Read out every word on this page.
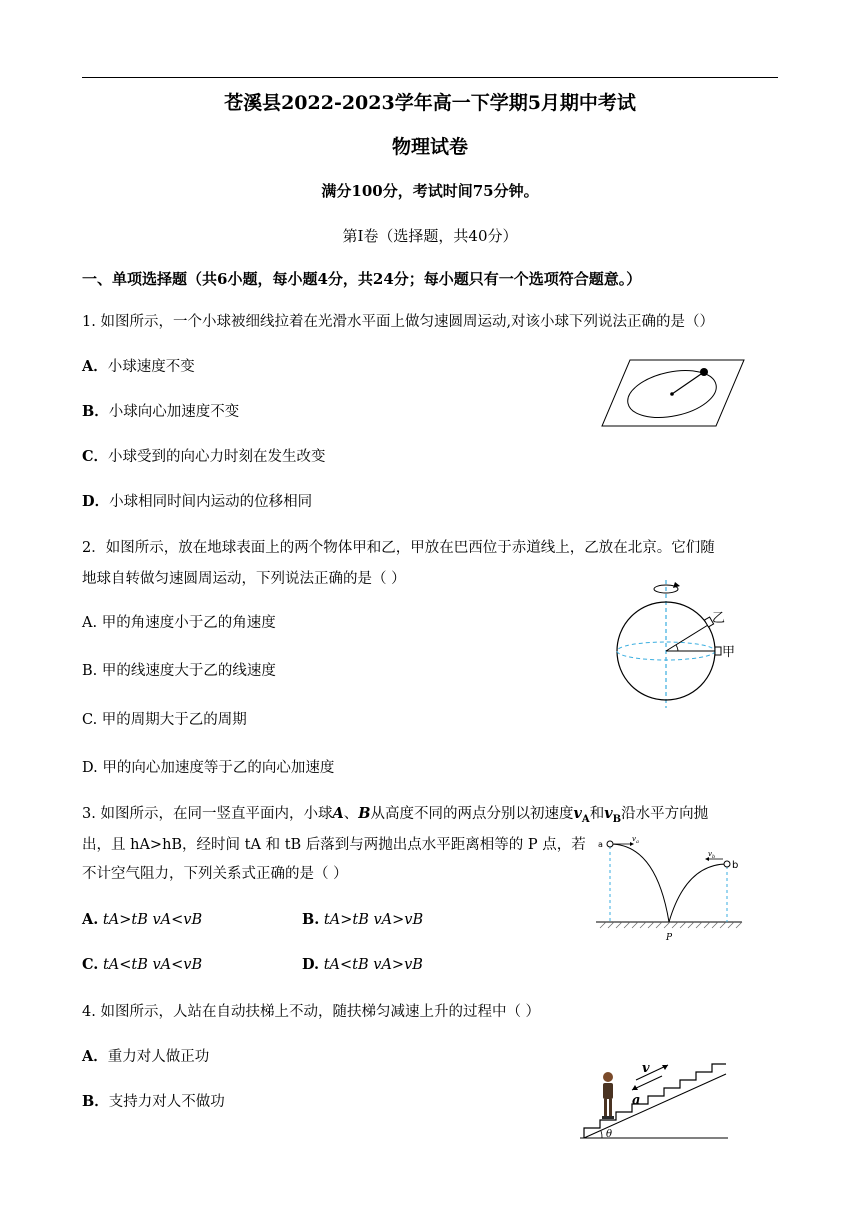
苍溪县2022-2023学年高一下学期5月期中考试
物理试卷
满分100分，考试时间75分钟。
第Ⅰ卷（选择题，共40分）
一、单项选择题（共6小题，每小题4分，共24分；每小题只有一个选项符合题意。）
1. 如图所示，一个小球被细线拉着在光滑水平面上做匀速圆周运动,对该小球下列说法正确的是（）
A．小球速度不变
B．小球向心加速度不变
C．小球受到的向心力时刻在发生改变
D．小球相同时间内运动的位移相同
2．如图所示，放在地球表面上的两个物体甲和乙，甲放在巴西位于赤道线上，乙放在北京。它们随
地球自转做匀速圆周运动，下列说法正确的是（ ）
A. 甲的角速度小于乙的角速度
B. 甲的线速度大于乙的线速度
C. 甲的周期大于乙的周期
D. 甲的向心加速度等于乙的向心加速度
乙
甲
3. 如图所示，在同一竖直平面内，小球A、B从高度不同的两点分别以初速度$v_A$和$v_B$沿水平方向抛
出，且 hA>hB，经时间 tA 和 tB 后落到与两抛出点水平距离相等的 P 点，若
不计空气阻力，下列关系式正确的是（ ）
A. tA>tB vA<vB	B. tA>tB vA>vB
C. tA<tB vA<vB	D. tA<tB vA>vB
a
b
$v_a$
$v_b$
P
4. 如图所示，人站在自动扶梯上不动，随扶梯匀减速上升的过程中（ ）
A．重力对人做正功
B．支持力对人不做功
v
a
θ
